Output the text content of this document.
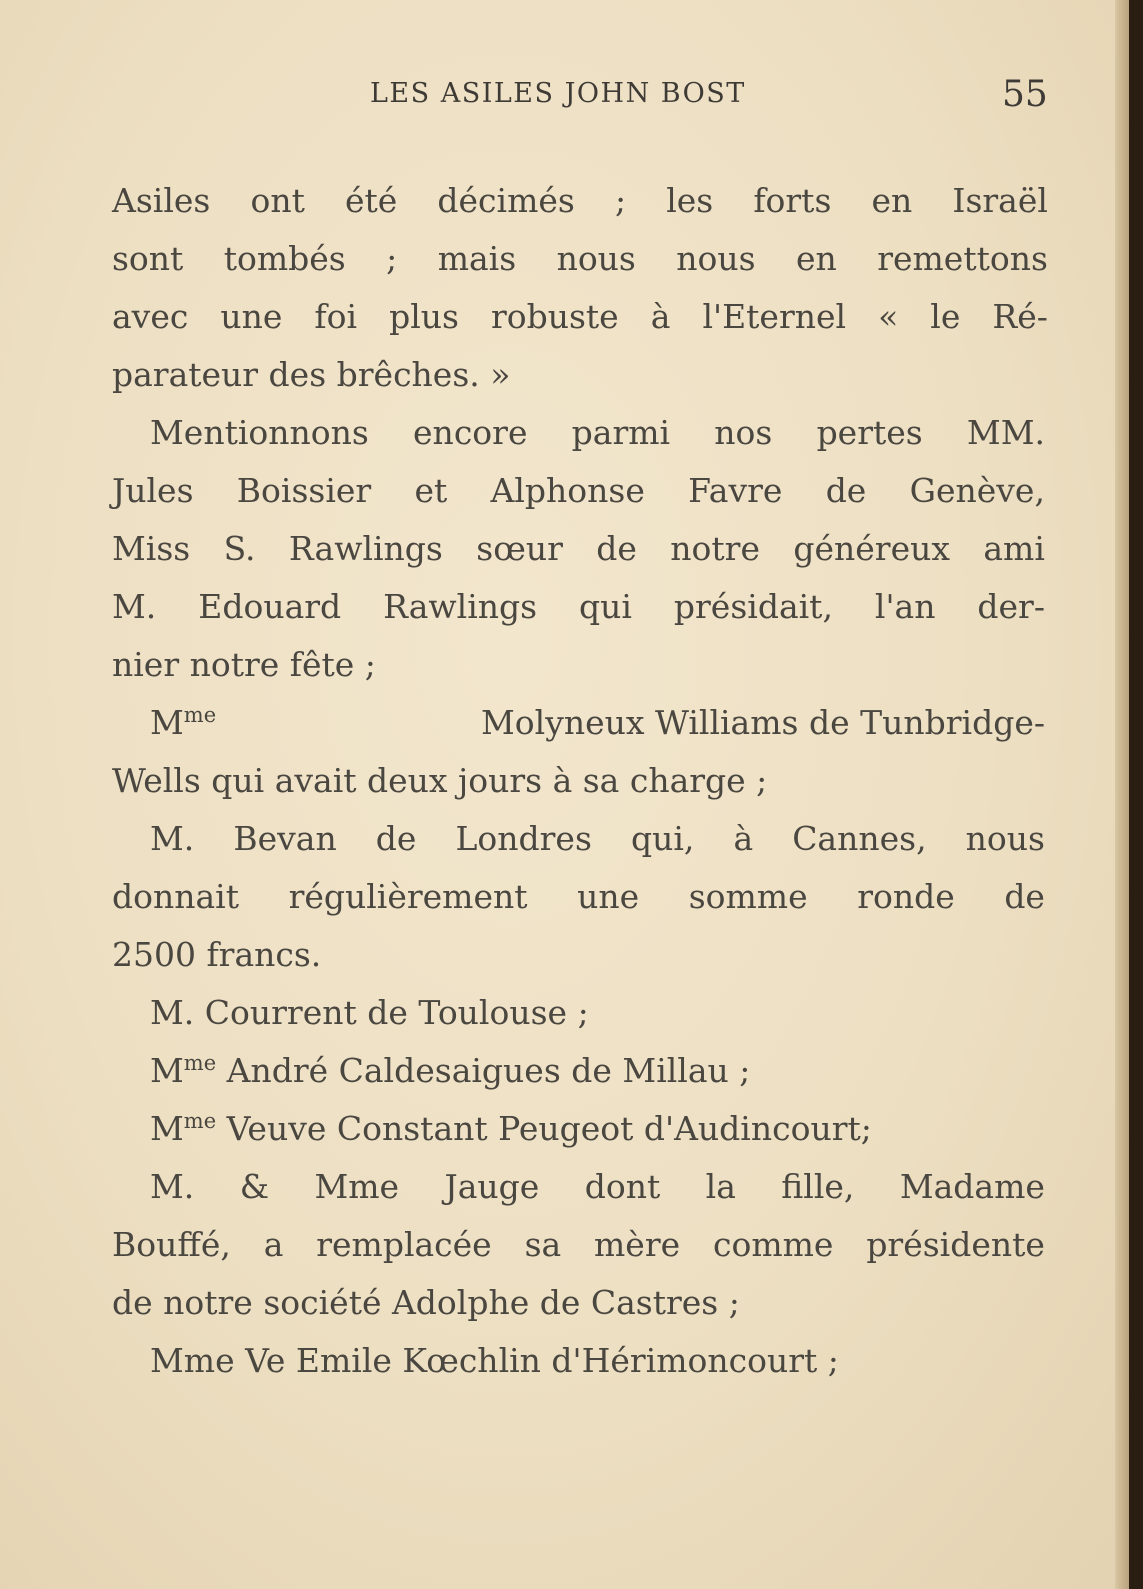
LES ASILES JOHN BOST	55
Asiles ont été décimés ; les forts en Israël
sont tombés ; mais nous nous en remettons
avec une foi plus robuste à l'Eternel « le Ré-
parateur des brêches. »
Mentionnons encore parmi nos pertes MM.
Jules Boissier et Alphonse Favre de Genève,
Miss S. Rawlings sœur de notre généreux ami
M. Edouard Rawlings qui présidait, l'an der-
nier notre fête ;
$M^{me}$	Molyneux Williams de Tunbridge-
Wells qui avait deux jours à sa charge ;
M. Bevan de Londres qui, à Cannes, nous
donnait régulièrement une somme ronde de
2500 francs.
M. Courrent de Toulouse ;
$M^{me}$ André Caldesaigues de Millau ;
$M^{me}$ Veuve Constant Peugeot d'Audincourt;
M. & Mme Jauge dont la fille, Madame
Bouffé, a remplacée sa mère comme présidente
de notre société Adolphe de Castres ;
Mme Ve Emile Kœchlin d'Hérimoncourt ;
